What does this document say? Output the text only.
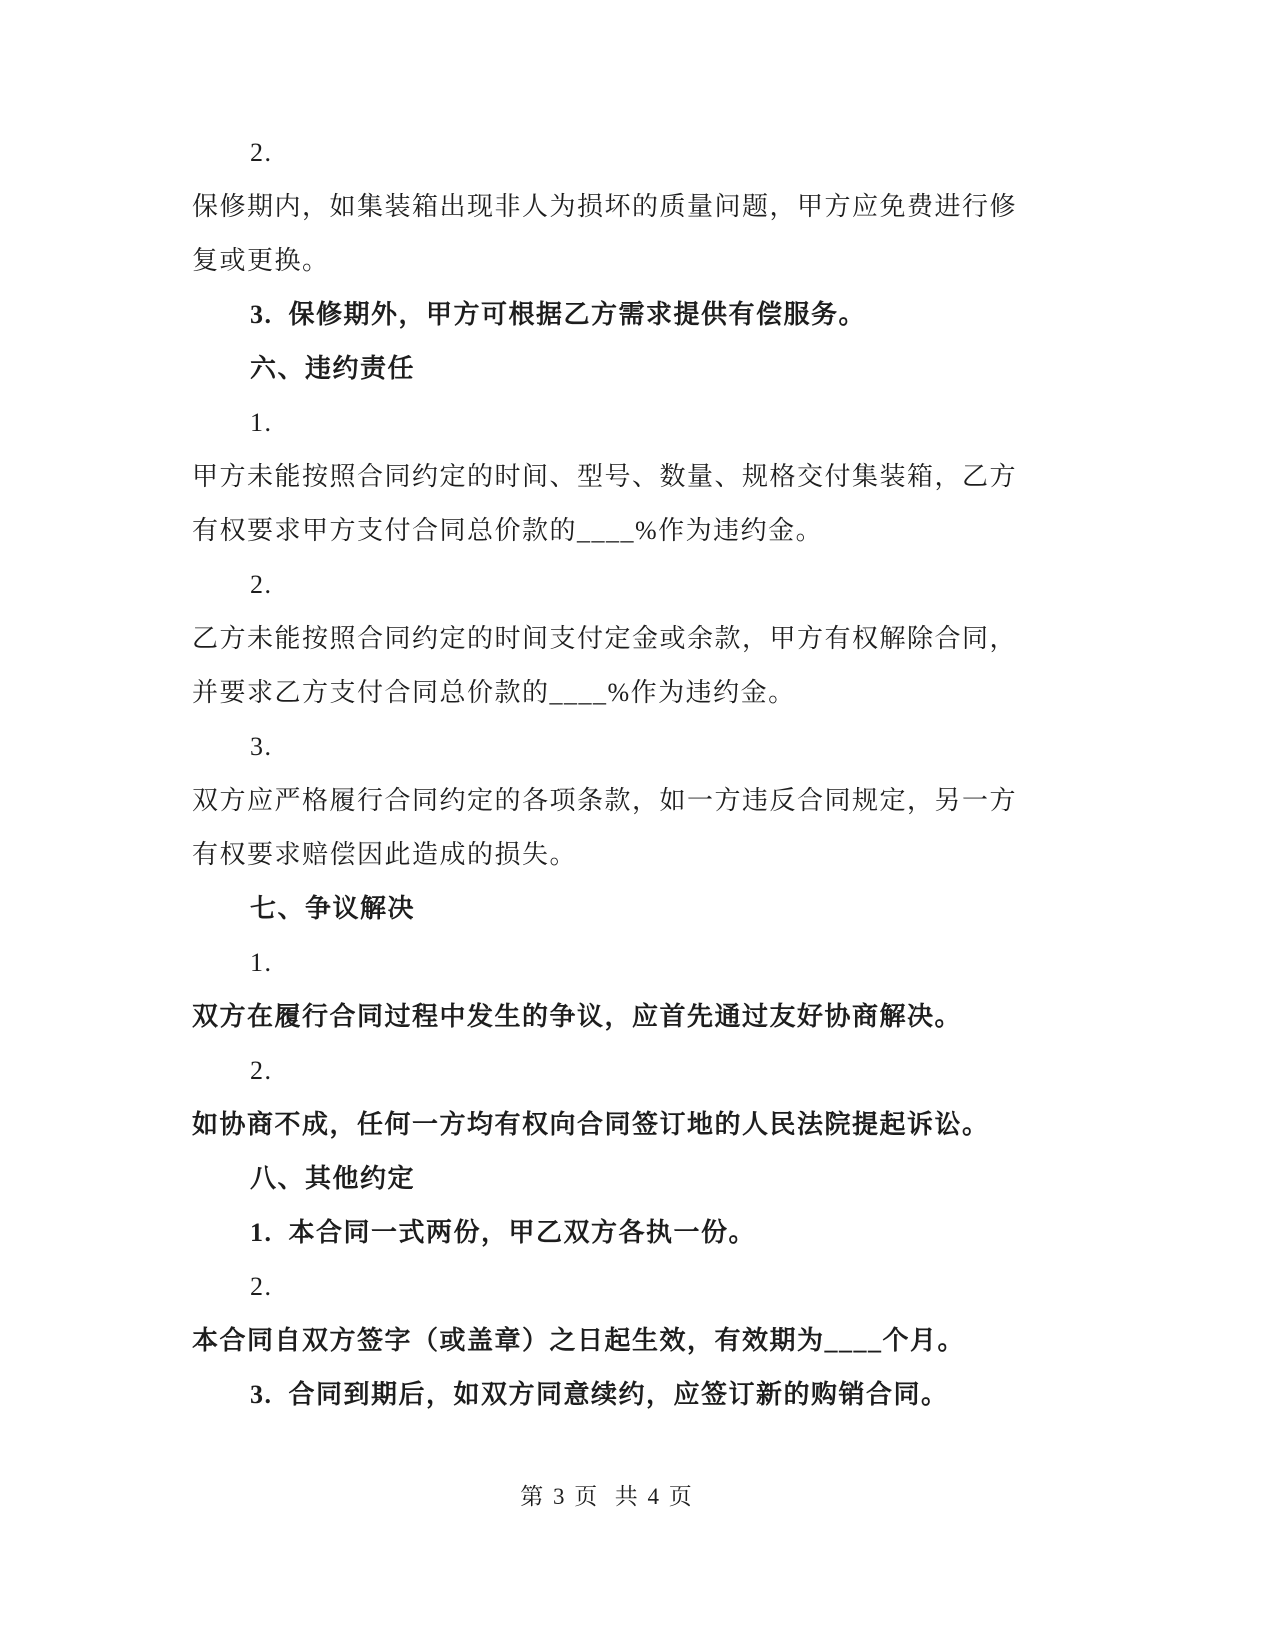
2.
保修期内，如集装箱出现非人为损坏的质量问题，甲方应免费进行修
复或更换。
3.  保修期外，甲方可根据乙方需求提供有偿服务。
六、违约责任
1.
甲方未能按照合同约定的时间、型号、数量、规格交付集装箱，乙方
有权要求甲方支付合同总价款的____%作为违约金。
2.
乙方未能按照合同约定的时间支付定金或余款，甲方有权解除合同，
并要求乙方支付合同总价款的____%作为违约金。
3.
双方应严格履行合同约定的各项条款，如一方违反合同规定，另一方
有权要求赔偿因此造成的损失。
七、争议解决
1.
双方在履行合同过程中发生的争议，应首先通过友好协商解决。
2.
如协商不成，任何一方均有权向合同签订地的人民法院提起诉讼。
八、其他约定
1.  本合同一式两份，甲乙双方各执一份。
2.
本合同自双方签字（或盖章）之日起生效，有效期为____个月。
3.  合同到期后，如双方同意续约，应签订新的购销合同。
第 3 页  共 4 页
